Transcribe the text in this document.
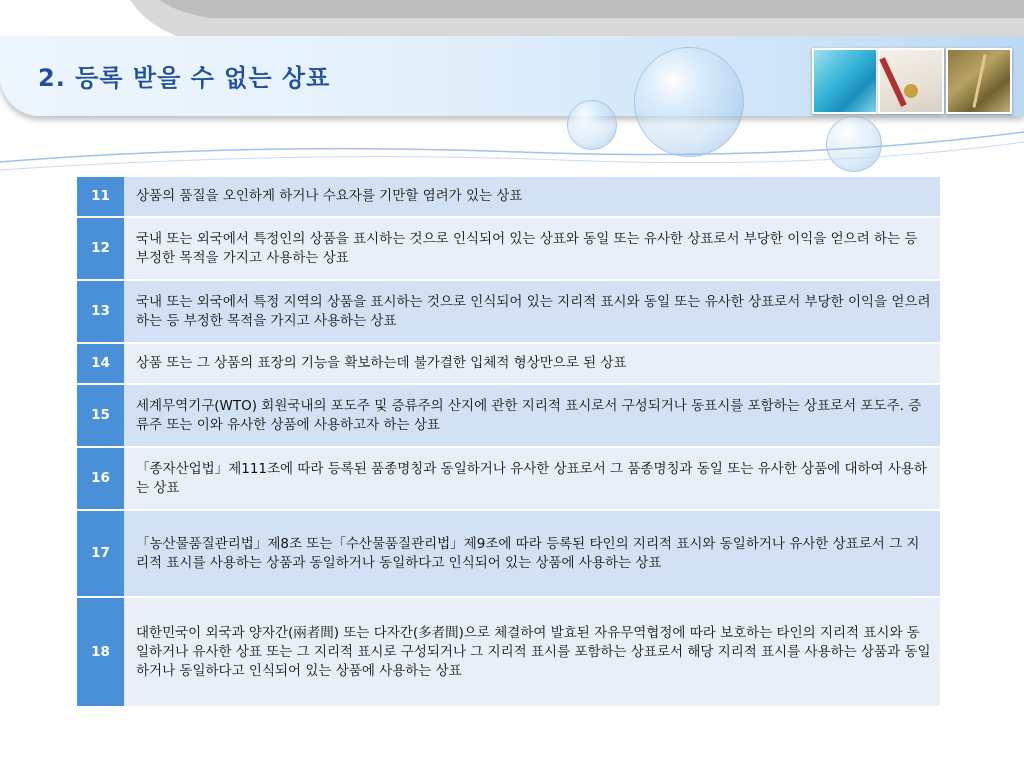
2. 등록 받을 수 없는 상표
11	상품의 품질을 오인하게 하거나 수요자를 기만할 염려가 있는 상표
12	국내 또는 외국에서 특정인의 상품을 표시하는 것으로 인식되어 있는 상표와 동일 또는 유사한 상표로서 부당한 이익을 얻으려 하는 등 부정한 목적을 가지고 사용하는 상표
13	국내 또는 외국에서 특정 지역의 상품을 표시하는 것으로 인식되어 있는 지리적 표시와 동일 또는 유사한 상표로서 부당한 이익을 얻으려 하는 등 부정한 목적을 가지고 사용하는 상표
14	상품 또는 그 상품의 표장의 기능을 확보하는데 불가결한 입체적 형상만으로 된 상표
15	세계무역기구(WTO) 회원국내의 포도주 및 증류주의 산지에 관한 지리적 표시로서 구성되거나 동표시를 포함하는 상표로서 포도주. 증류주 또는 이와 유사한 상품에 사용하고자 하는 상표
16	「종자산업법」제111조에 따라 등록된 품종명칭과 동일하거나 유사한 상표로서 그 품종명칭과 동일 또는 유사한 상품에 대하여 사용하는 상표
17	「농산물품질관리법」제8조 또는「수산물품질관리법」제9조에 따라 등록된 타인의 지리적 표시와 동일하거나 유사한 상표로서 그 지리적 표시를 사용하는 상품과 동일하거나 동일하다고 인식되어 있는 상품에 사용하는 상표
18	대한민국이 외국과 양자간(兩者間) 또는 다자간(多者間)으로 체결하여 발효된 자유무역협정에 따라 보호하는 타인의 지리적 표시와 동일하거나 유사한 상표 또는 그 지리적 표시로 구성되거나 그 지리적 표시를 포함하는 상표로서 해당 지리적 표시를 사용하는 상품과 동일하거나 동일하다고 인식되어 있는 상품에 사용하는 상표
